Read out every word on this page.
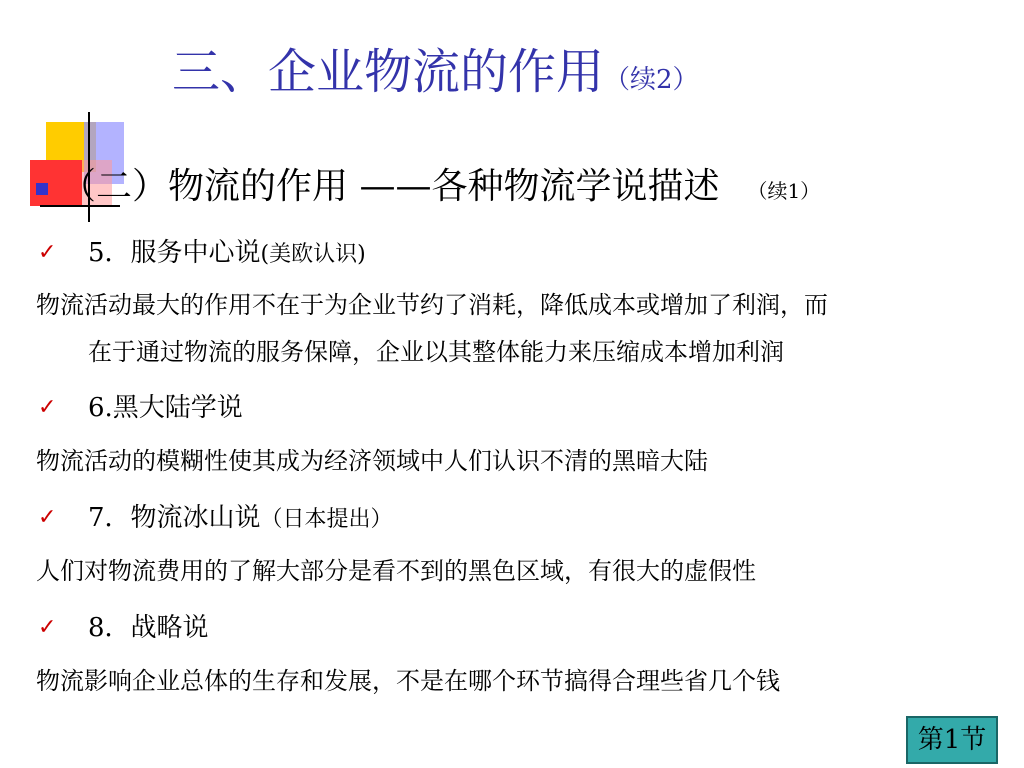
三、企业物流的作用（续2）
（二）物流的作用 ——各种物流学说描述 （续1）
✓ 5．服务中心说(美欧认识)
物流活动最大的作用不在于为企业节约了消耗，降低成本或增加了利润，而
在于通过物流的服务保障，企业以其整体能力来压缩成本增加利润
✓ 6.黑大陆学说
物流活动的模糊性使其成为经济领域中人们认识不清的黑暗大陆
✓ 7．物流冰山说（日本提出）
人们对物流费用的了解大部分是看不到的黑色区域，有很大的虚假性
✓ 8．战略说
物流影响企业总体的生存和发展，不是在哪个环节搞得合理些省几个钱
第1节
